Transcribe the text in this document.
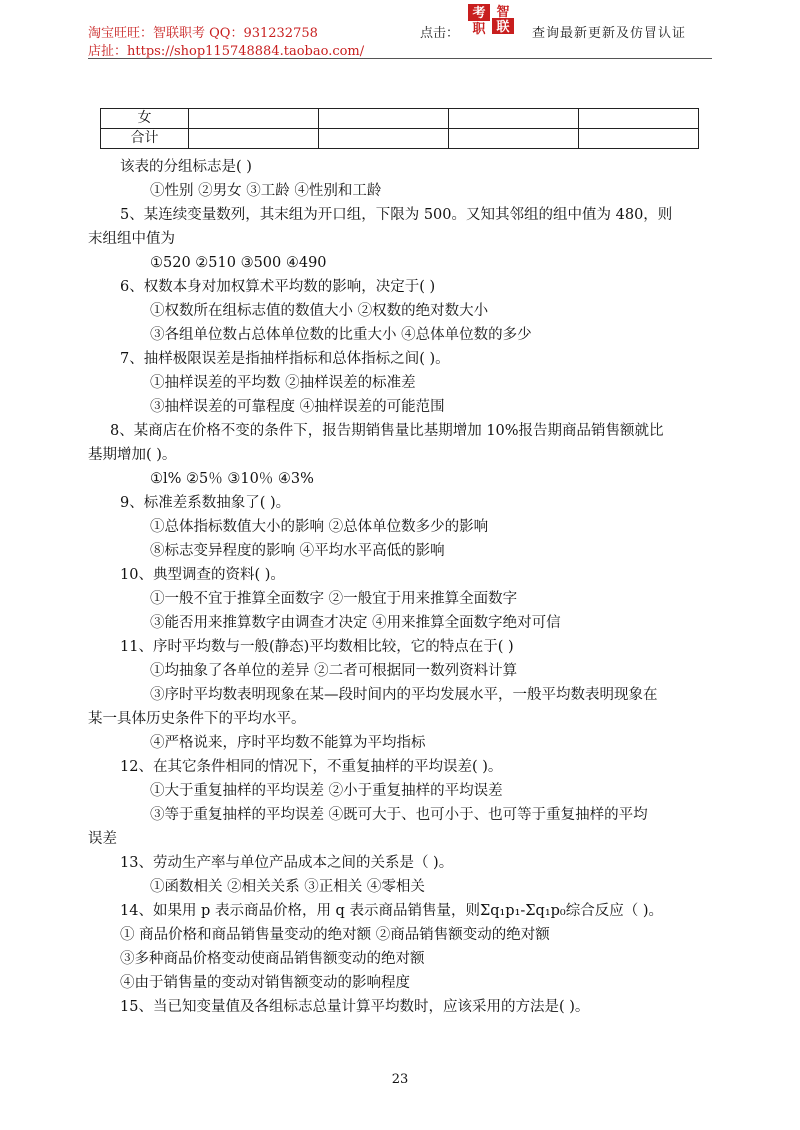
淘宝旺旺：智联职考 QQ：931232758
店扯：https://shop115748884.taobao.com/
点击：
考 智
职 联 查询最新更新及仿冒认证
女				
合计				
该表的分组标志是( )
①性别 ②男女 ③工龄 ④性别和工龄
5、某连续变量数列，其末组为开口组，下限为 500。又知其邻组的组中值为 480，则
末组组中值为
①520 ②510 ③500 ④490
6、权数本身对加权算术平均数的影响，决定于( )
①权数所在组标志值的数值大小 ②权数的绝对数大小
③各组单位数占总体单位数的比重大小 ④总体单位数的多少
7、抽样极限误差是指抽样指标和总体指标之间( )。
①抽样误差的平均数 ②抽样误差的标准差
③抽样误差的可靠程度 ④抽样误差的可能范围
8、某商店在价格不变的条件下，报告期销售量比基期增加 10%报告期商品销售额就比
基期增加( )。
①l% ②5％ ③10％ ④3%
9、标准差系数抽象了( )。
①总体指标数值大小的影响 ②总体单位数多少的影响
⑧标志变异程度的影响 ④平均水平高低的影响
10、典型调查的资料( )。
①一般不宜于推算全面数字 ②一般宜于用来推算全面数字
③能否用来推算数字由调查才决定 ④用来推算全面数字绝对可信
11、序时平均数与一般(静态)平均数相比较，它的特点在于( )
①均抽象了各单位的差异 ②二者可根据同一数列资料计算
③序时平均数表明现象在某—段时间内的平均发展水平，一般平均数表明现象在
某一具体历史条件下的平均水平。
④严格说来，序时平均数不能算为平均指标
12、在其它条件相同的情况下，不重复抽样的平均误差( )。
①大于重复抽样的平均误差 ②小于重复抽样的平均误差
③等于重复抽样的平均误差 ④既可大于、也可小于、也可等于重复抽样的平均
误差
13、劳动生产率与单位产品成本之间的关系是（ )。
①函数相关 ②相关关系 ③正相关 ④零相关
14、如果用 p 表示商品价格，用 q 表示商品销售量，则Σq₁p₁-Σq₁p₀综合反应（ )。
① 商品价格和商品销售量变动的绝对额 ②商品销售额变动的绝对额
③多种商品价格变动使商品销售额变动的绝对额
④由于销售量的变动对销售额变动的影响程度
15、当已知变量值及各组标志总量计算平均数时，应该采用的方法是( )。
23
